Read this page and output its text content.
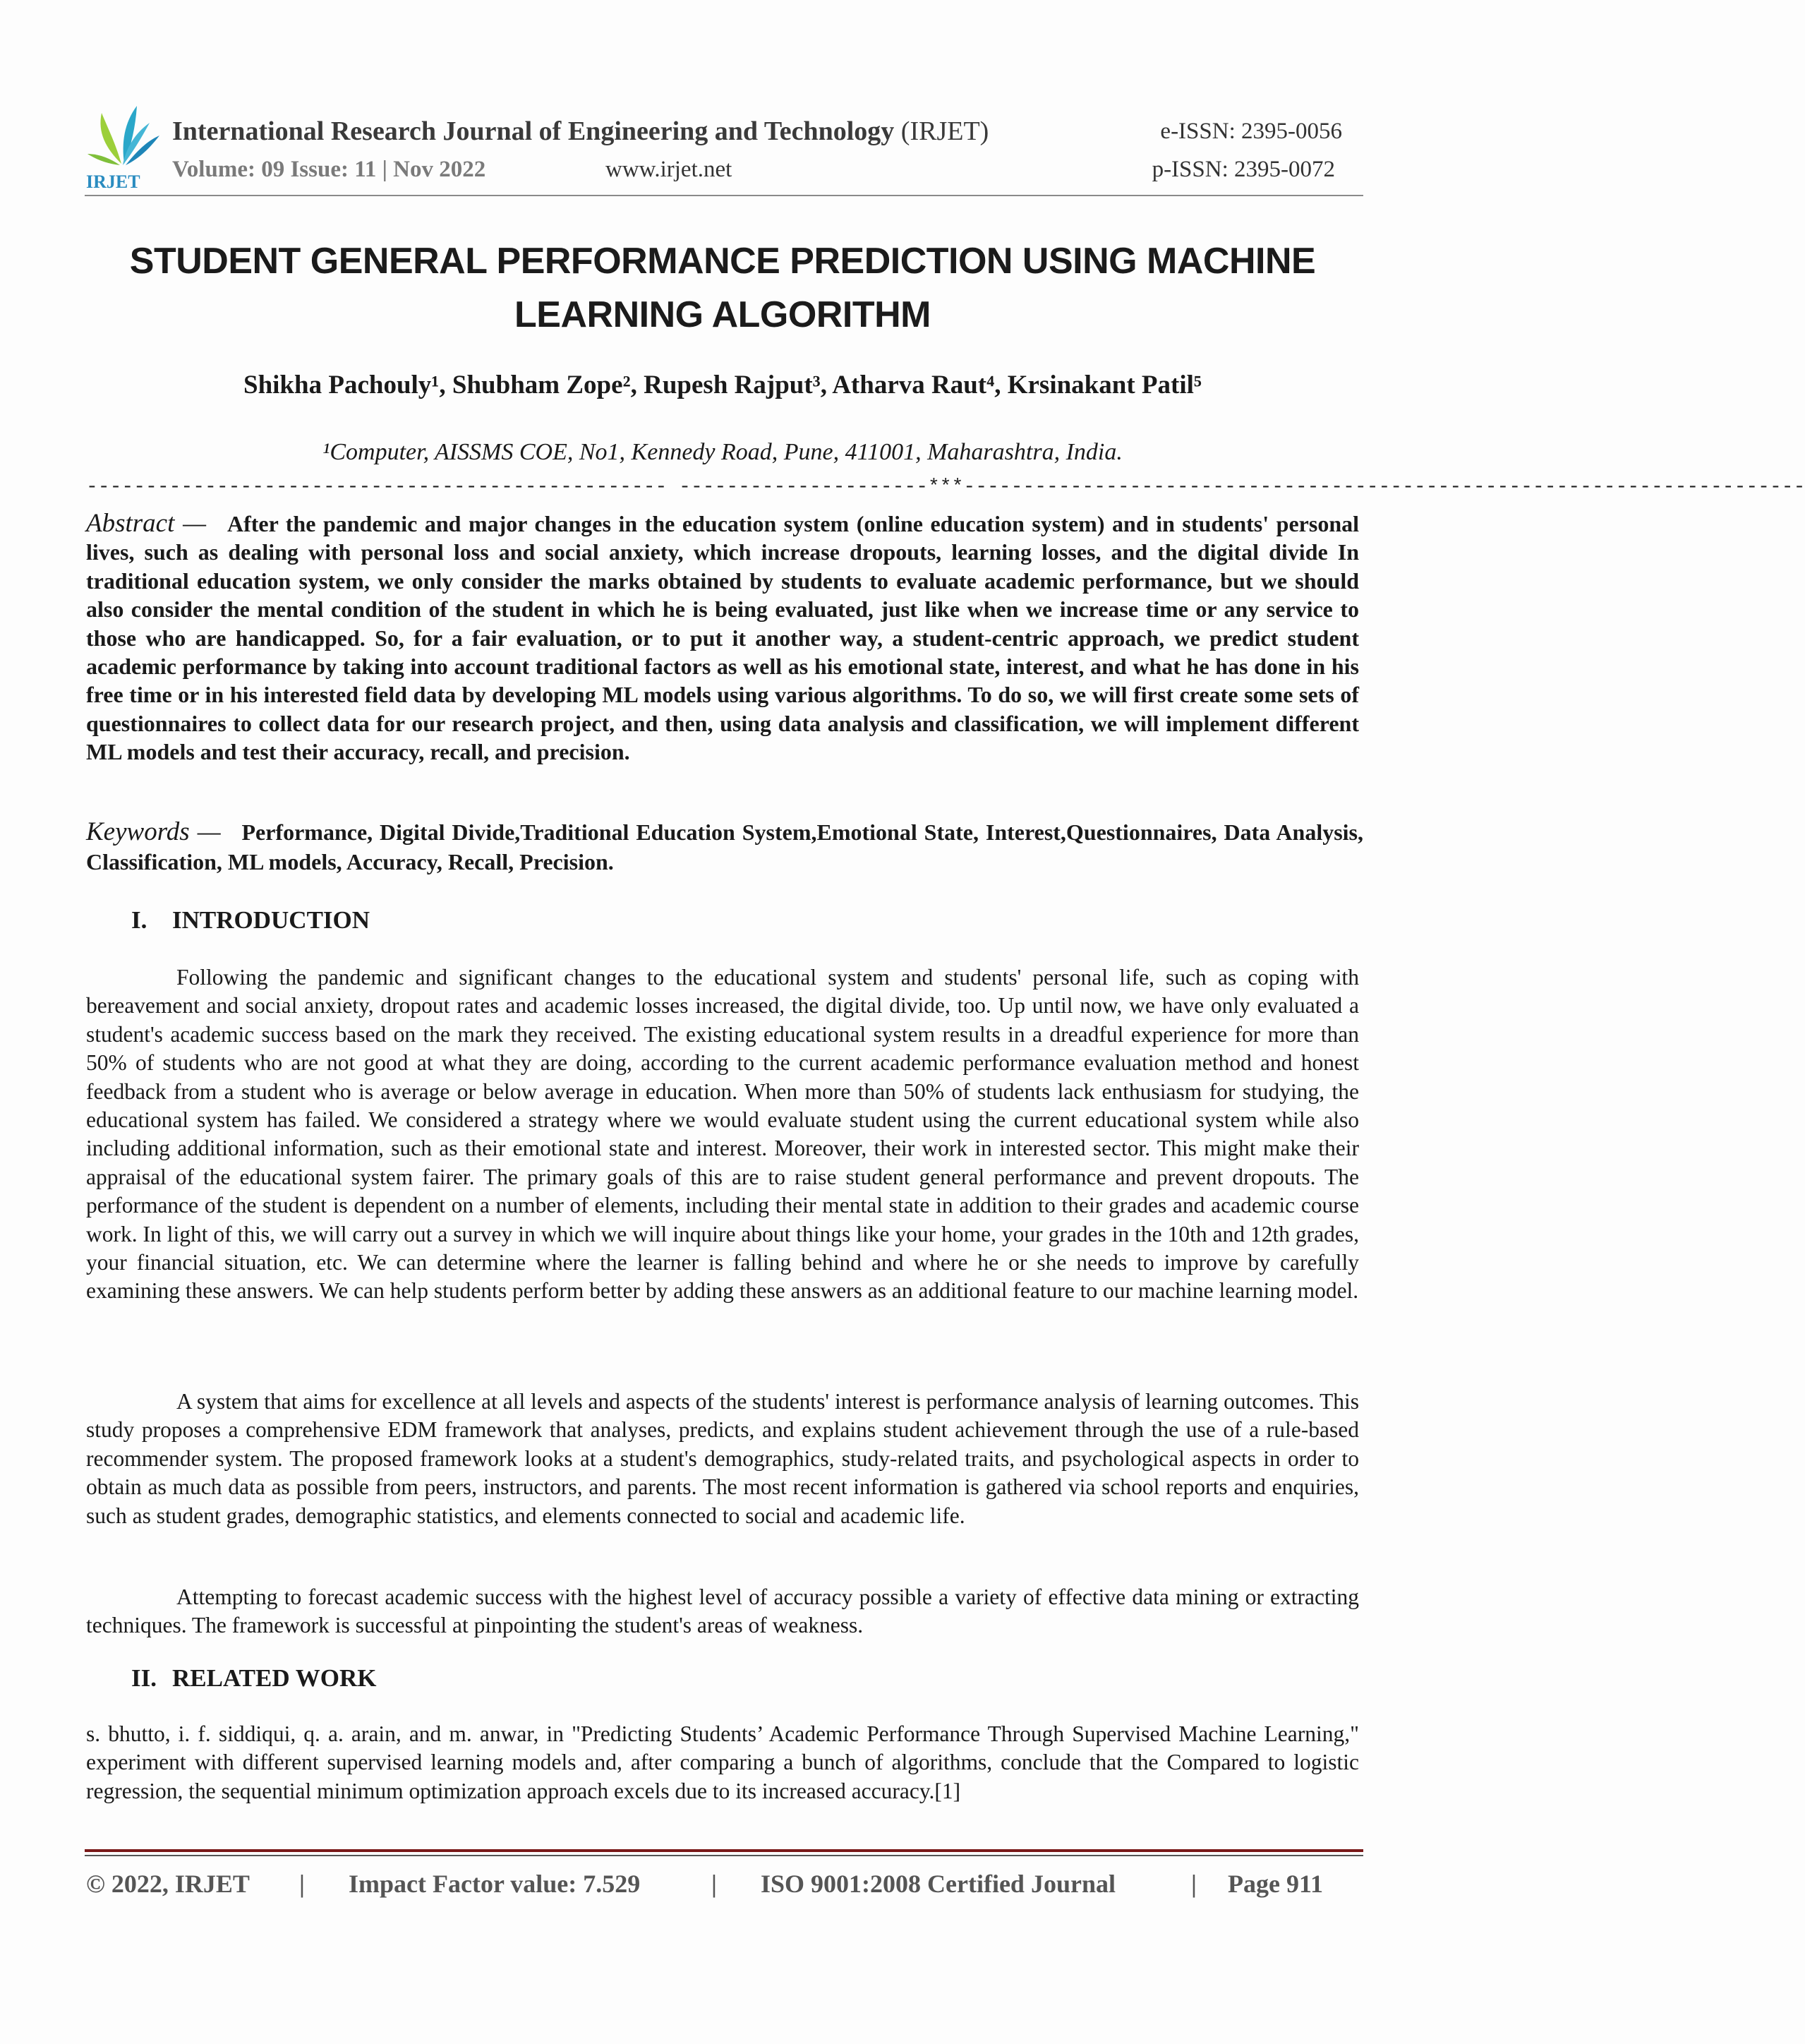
IRJET
International Research Journal of Engineering and Technology (IRJET)	e-ISSN: 2395-0056
Volume: 09 Issue: 11 | Nov 2022	www.irjet.net	p-ISSN: 2395-0072
STUDENT GENERAL PERFORMANCE PREDICTION USING MACHINE
LEARNING ALGORITHM
Shikha Pachouly¹, Shubham Zope², Rupesh Rajput³, Atharva Raut⁴, Krsinakant Patil⁵
¹Computer, AISSMS COE, No1, Kennedy Road, Pune, 411001, Maharashtra, India.
------------------------------------------------- ---------------------***-----------------------------------------------------------------------
Abstract — After the pandemic and major changes in the education system (online education system) and in students' personal lives, such as dealing with personal loss and social anxiety, which increase dropouts, learning losses, and the digital divide In traditional education system, we only consider the marks obtained by students to evaluate academic performance, but we should also consider the mental condition of the student in which he is being evaluated, just like when we increase time or any service to those who are handicapped. So, for a fair evaluation, or to put it another way, a student-centric approach, we predict student academic performance by taking into account traditional factors as well as his emotional state, interest, and what he has done in his free time or in his interested field data by developing ML models using various algorithms. To do so, we will first create some sets of questionnaires to collect data for our research project, and then, using data analysis and classification, we will implement different ML models and test their accuracy, recall, and precision.
Keywords — Performance, Digital Divide,Traditional Education System,Emotional State, Interest,Questionnaires, Data Analysis, Classification, ML models, Accuracy, Recall, Precision.
I. INTRODUCTION
Following the pandemic and significant changes to the educational system and students' personal life, such as coping with bereavement and social anxiety, dropout rates and academic losses increased, the digital divide, too. Up until now, we have only evaluated a student's academic success based on the mark they received. The existing educational system results in a dreadful experience for more than 50% of students who are not good at what they are doing, according to the current academic performance evaluation method and honest feedback from a student who is average or below average in education. When more than 50% of students lack enthusiasm for studying, the educational system has failed. We considered a strategy where we would evaluate student using the current educational system while also including additional information, such as their emotional state and interest. Moreover, their work in interested sector. This might make their appraisal of the educational system fairer. The primary goals of this are to raise student general performance and prevent dropouts. The performance of the student is dependent on a number of elements, including their mental state in addition to their grades and academic course work. In light of this, we will carry out a survey in which we will inquire about things like your home, your grades in the 10th and 12th grades, your financial situation, etc. We can determine where the learner is falling behind and where he or she needs to improve by carefully examining these answers. We can help students perform better by adding these answers as an additional feature to our machine learning model.
A system that aims for excellence at all levels and aspects of the students' interest is performance analysis of learning outcomes. This study proposes a comprehensive EDM framework that analyses, predicts, and explains student achievement through the use of a rule-based recommender system. The proposed framework looks at a student's demographics, study-related traits, and psychological aspects in order to obtain as much data as possible from peers, instructors, and parents. The most recent information is gathered via school reports and enquiries, such as student grades, demographic statistics, and elements connected to social and academic life.
Attempting to forecast academic success with the highest level of accuracy possible a variety of effective data mining or extracting techniques. The framework is successful at pinpointing the student's areas of weakness.
II. RELATED WORK
s. bhutto, i. f. siddiqui, q. a. arain, and m. anwar, in "Predicting Students’ Academic Performance Through Supervised Machine Learning," experiment with different supervised learning models and, after comparing a bunch of algorithms, conclude that the Compared to logistic regression, the sequential minimum optimization approach excels due to its increased accuracy.[1]
© 2022, IRJET | Impact Factor value: 7.529	| ISO 9001:2008 Certified Journal	| Page 911
